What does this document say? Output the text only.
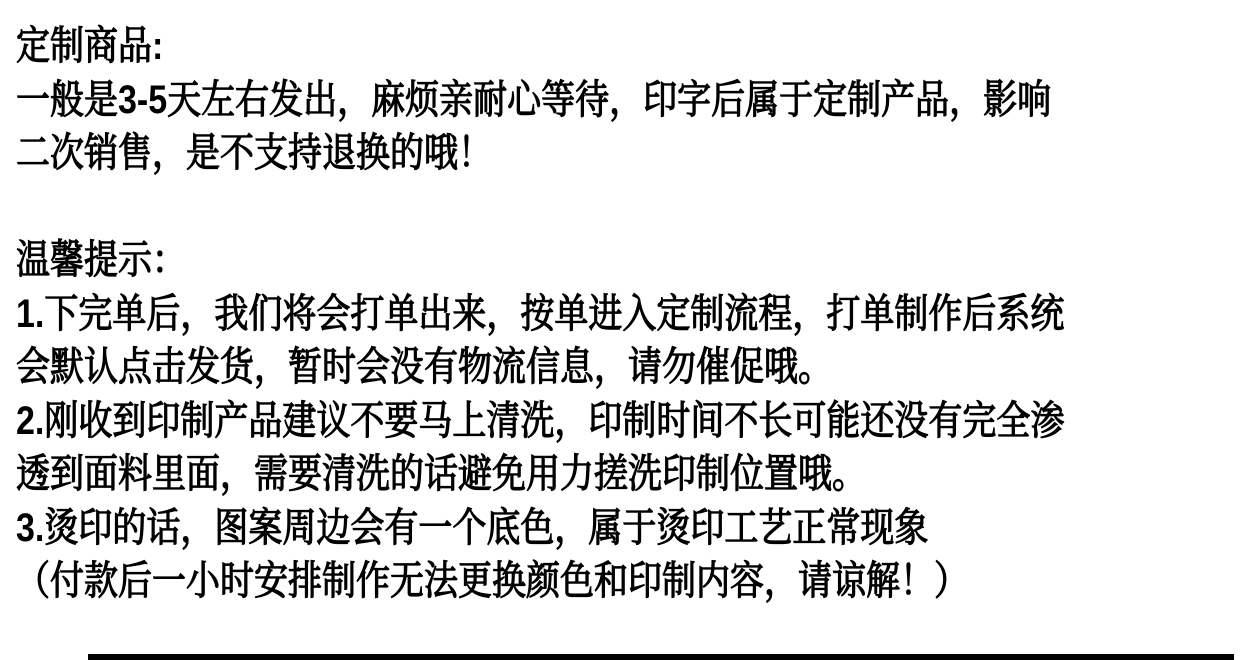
定制商品:
一般是3-5天左右发出，麻烦亲耐心等待，印字后属于定制产品，影响
二次销售，是不支持退换的哦！
温馨提示：
1.下完单后，我们将会打单出来，按单进入定制流程，打单制作后系统
会默认点击发货，暂时会没有物流信息，请勿催促哦。
2.刚收到印制产品建议不要马上清洗，印制时间不长可能还没有完全渗
透到面料里面，需要清洗的话避免用力搓洗印制位置哦。
3.烫印的话，图案周边会有一个底色，属于烫印工艺正常现象
（付款后一小时安排制作无法更换颜色和印制内容，请谅解！）
